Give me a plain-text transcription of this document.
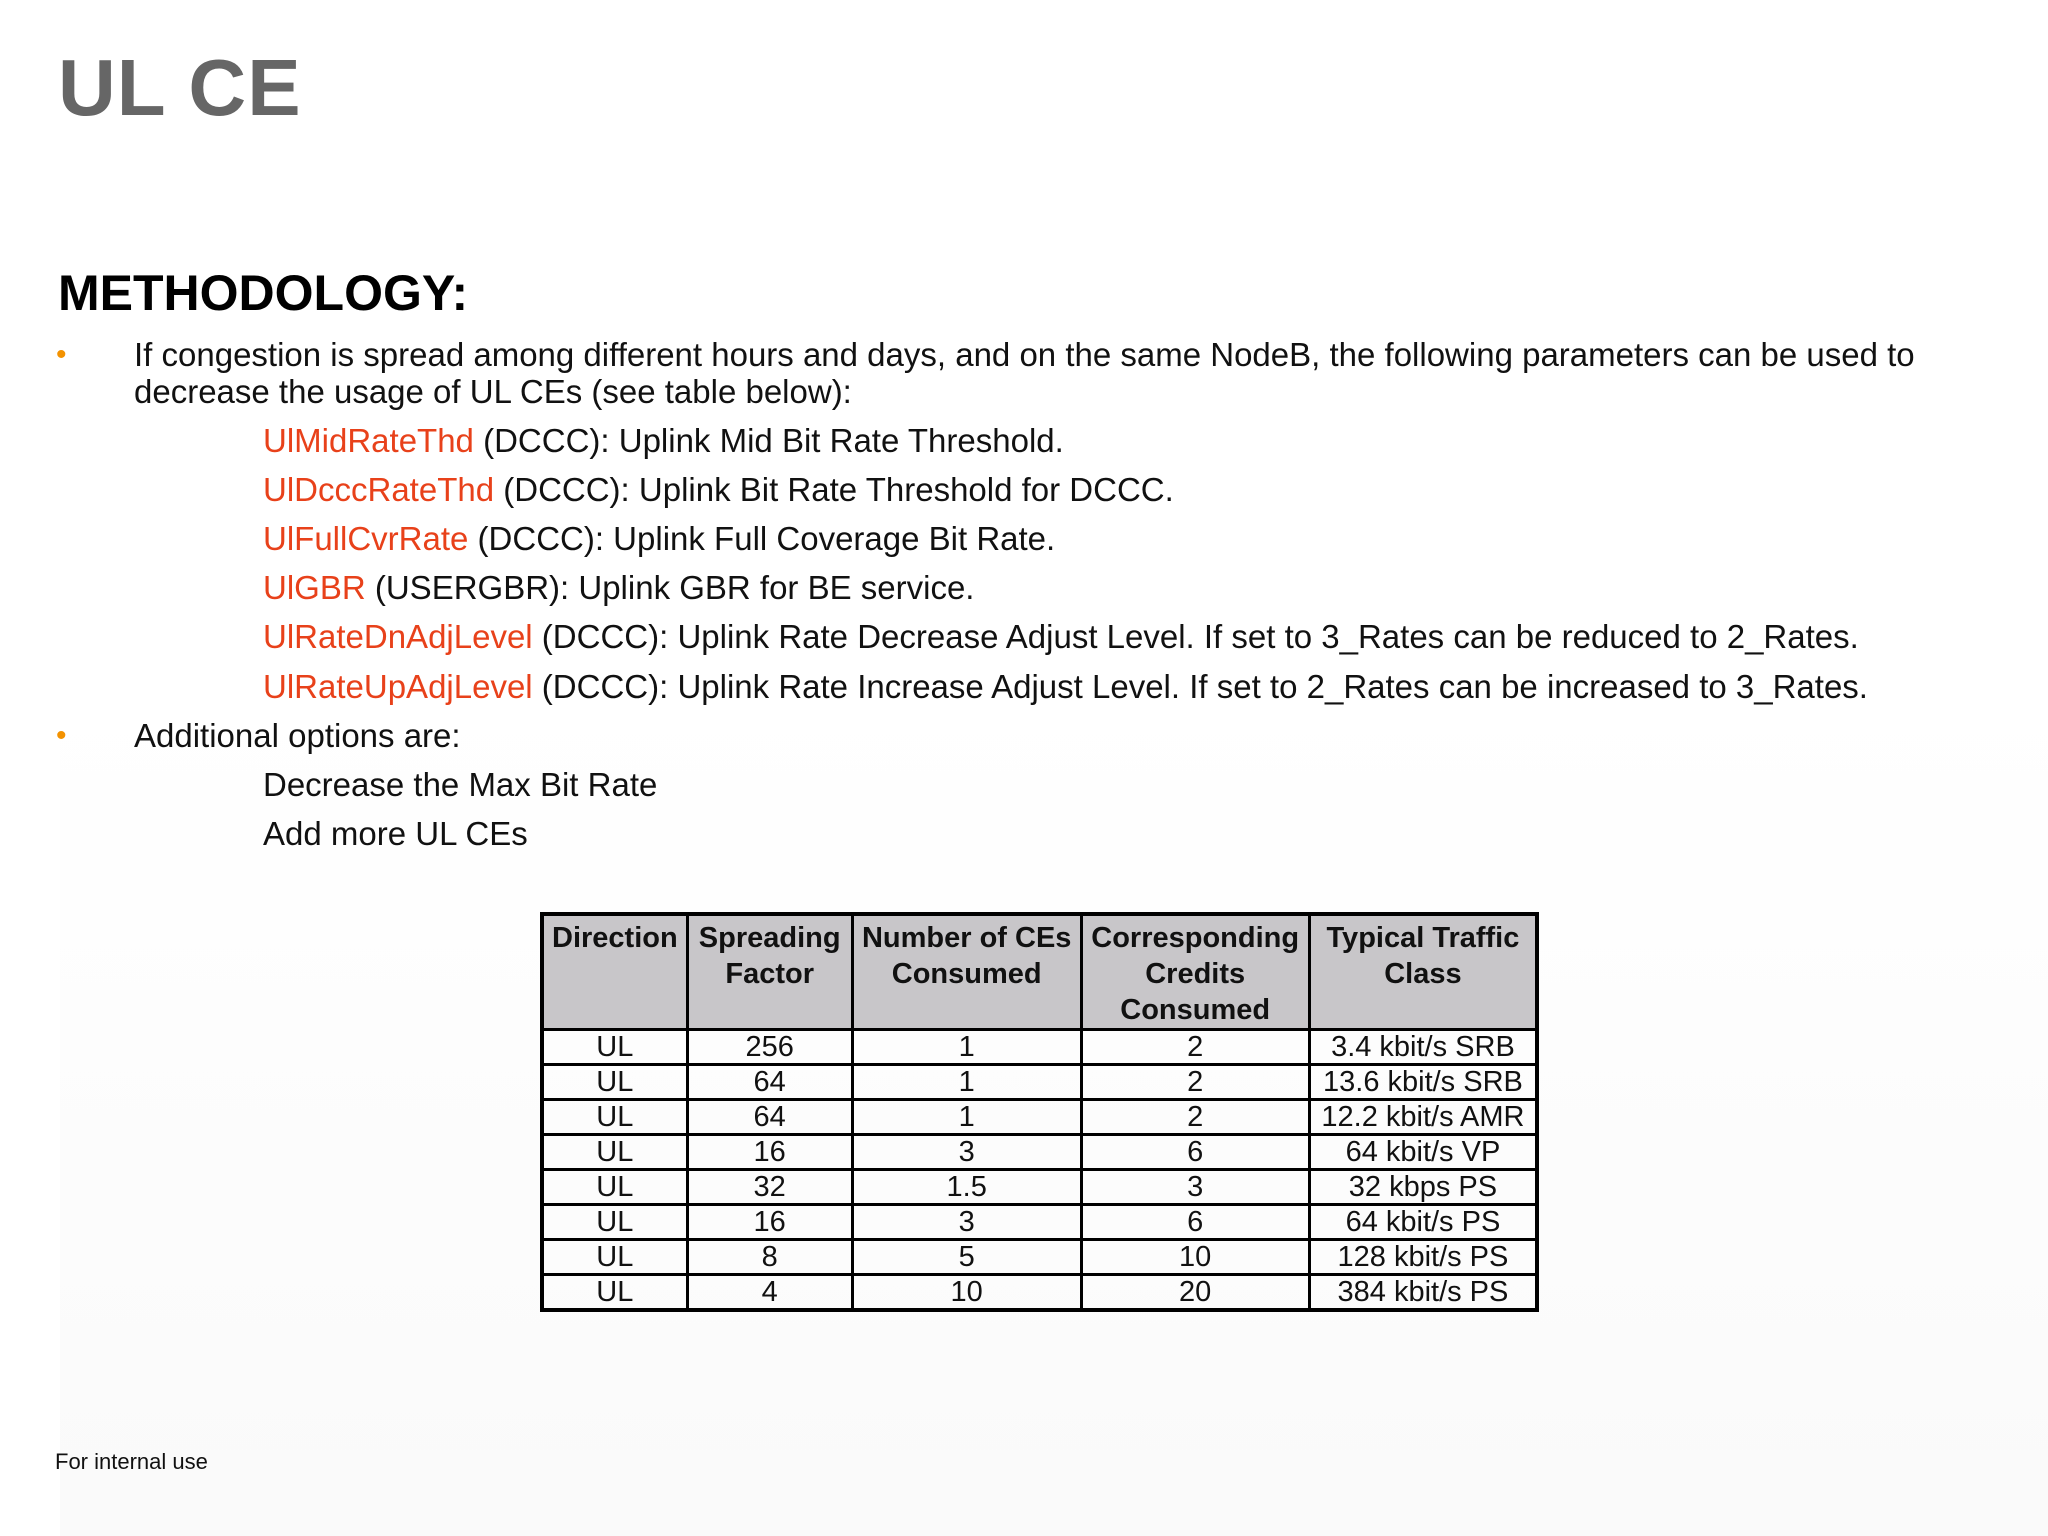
UL CE
METHODOLOGY:
• If congestion is spread among different hours and days, and on the same NodeB, the following parameters can be used to
decrease the usage of UL CEs (see table below):
UlMidRateThd (DCCC): Uplink Mid Bit Rate Threshold.
UlDcccRateThd (DCCC): Uplink Bit Rate Threshold for DCCC.
UlFullCvrRate (DCCC): Uplink Full Coverage Bit Rate.
UlGBR (USERGBR): Uplink GBR for BE service.
UlRateDnAdjLevel (DCCC): Uplink Rate Decrease Adjust Level. If set to 3_Rates can be reduced to 2_Rates.
UlRateUpAdjLevel (DCCC): Uplink Rate Increase Adjust Level. If set to 2_Rates can be increased to 3_Rates.
• Additional options are:
Decrease the Max Bit Rate
Add more UL CEs
Direction	Spreading Factor	Number of CEs Consumed	Corresponding Credits Consumed	Typical Traffic Class
UL	256	1	2	3.4 kbit/s SRB
UL	64	1	2	13.6 kbit/s SRB
UL	64	1	2	12.2 kbit/s AMR
UL	16	3	6	64 kbit/s VP
UL	32	1.5	3	32 kbps PS
UL	16	3	6	64 kbit/s PS
UL	8	5	10	128 kbit/s PS
UL	4	10	20	384 kbit/s PS
For internal use
